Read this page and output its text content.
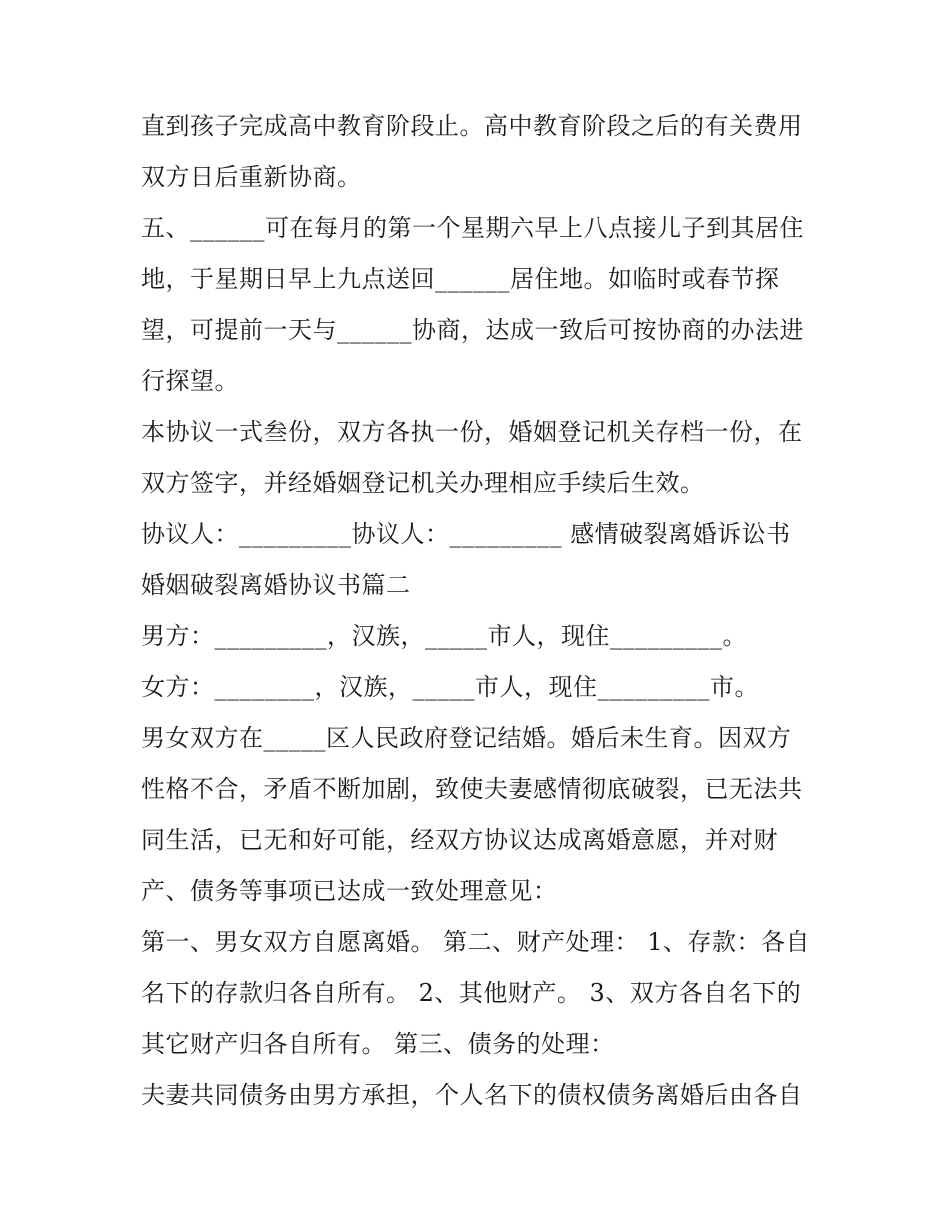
直到孩子完成高中教育阶段止。高中教育阶段之后的有关费用
双方日后重新协商。
五、______可在每月的第一个星期六早上八点接儿子到其居住
地，于星期日早上九点送回______居住地。如临时或春节探
望，可提前一天与______协商，达成一致后可按协商的办法进
行探望。
本协议一式叁份，双方各执一份，婚姻登记机关存档一份，在
双方签字，并经婚姻登记机关办理相应手续后生效。
协议人：_________协议人：_________ 感情破裂离婚诉讼书
婚姻破裂离婚协议书篇二
男方：_________，汉族，_____市人，现住_________。
女方：________，汉族，_____市人，现住_________市。
男女双方在_____区人民政府登记结婚。婚后未生育。因双方
性格不合，矛盾不断加剧，致使夫妻感情彻底破裂，已无法共
同生活，已无和好可能，经双方协议达成离婚意愿，并对财
产、债务等事项已达成一致处理意见：
第一、男女双方自愿离婚。 第二、财产处理： 1、存款：各自
名下的存款归各自所有。 2、其他财产。 3、双方各自名下的
其它财产归各自所有。 第三、债务的处理：
夫妻共同债务由男方承担，个人名下的债权债务离婚后由各自
